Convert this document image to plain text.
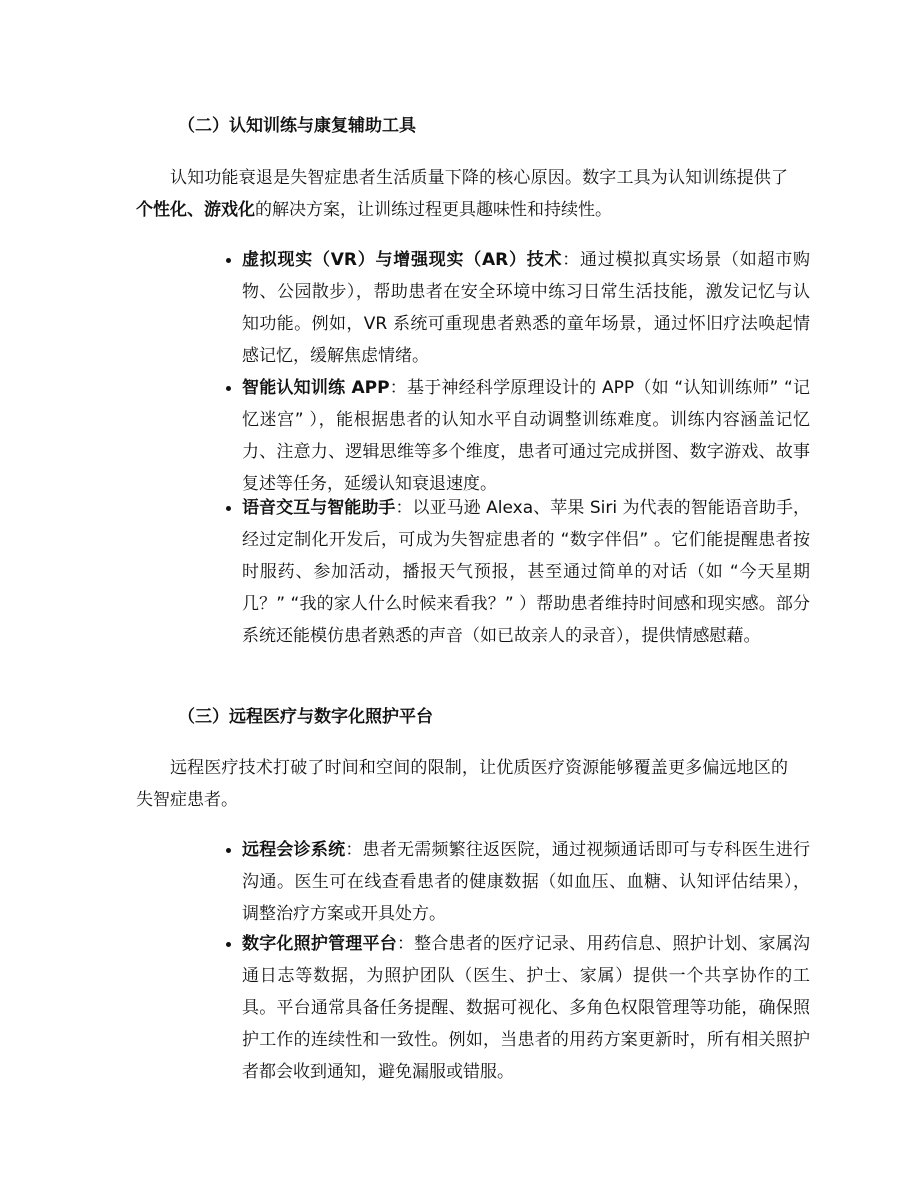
（二）认知训练与康复辅助工具

认知功能衰退是失智症患者生活质量下降的核心原因。数字工具为认知训练提供了个性化、游戏化的解决方案，让训练过程更具趣味性和持续性。

虚拟现实（VR）与增强现实（AR）技术：通过模拟真实场景（如超市购物、公园散步），帮助患者在安全环境中练习日常生活技能，激发记忆与认知功能。例如，VR 系统可重现患者熟悉的童年场景，通过怀旧疗法唤起情感记忆，缓解焦虑情绪。
智能认知训练 APP：基于神经科学原理设计的 APP（如 “认知训练师” “记忆迷宫” ），能根据患者的认知水平自动调整训练难度。训练内容涵盖记忆力、注意力、逻辑思维等多个维度，患者可通过完成拼图、数字游戏、故事复述等任务，延缓认知衰退速度。
语音交互与智能助手：以亚马逊 Alexa、苹果 Siri 为代表的智能语音助手，经过定制化开发后，可成为失智症患者的 “数字伴侣” 。它们能提醒患者按时服药、参加活动，播报天气预报，甚至通过简单的对话（如 “今天星期几？” “我的家人什么时候来看我？” ）帮助患者维持时间感和现实感。部分系统还能模仿患者熟悉的声音（如已故亲人的录音），提供情感慰藉。
（三）远程医疗与数字化照护平台

远程医疗技术打破了时间和空间的限制，让优质医疗资源能够覆盖更多偏远地区的失智症患者。

远程会诊系统：患者无需频繁往返医院，通过视频通话即可与专科医生进行沟通。医生可在线查看患者的健康数据（如血压、血糖、认知评估结果），调整治疗方案或开具处方。
数字化照护管理平台：整合患者的医疗记录、用药信息、照护计划、家属沟通日志等数据，为照护团队（医生、护士、家属）提供一个共享协作的工具。平台通常具备任务提醒、数据可视化、多角色权限管理等功能，确保照护工作的连续性和一致性。例如，当患者的用药方案更新时，所有相关照护者都会收到通知，避免漏服或错服。
